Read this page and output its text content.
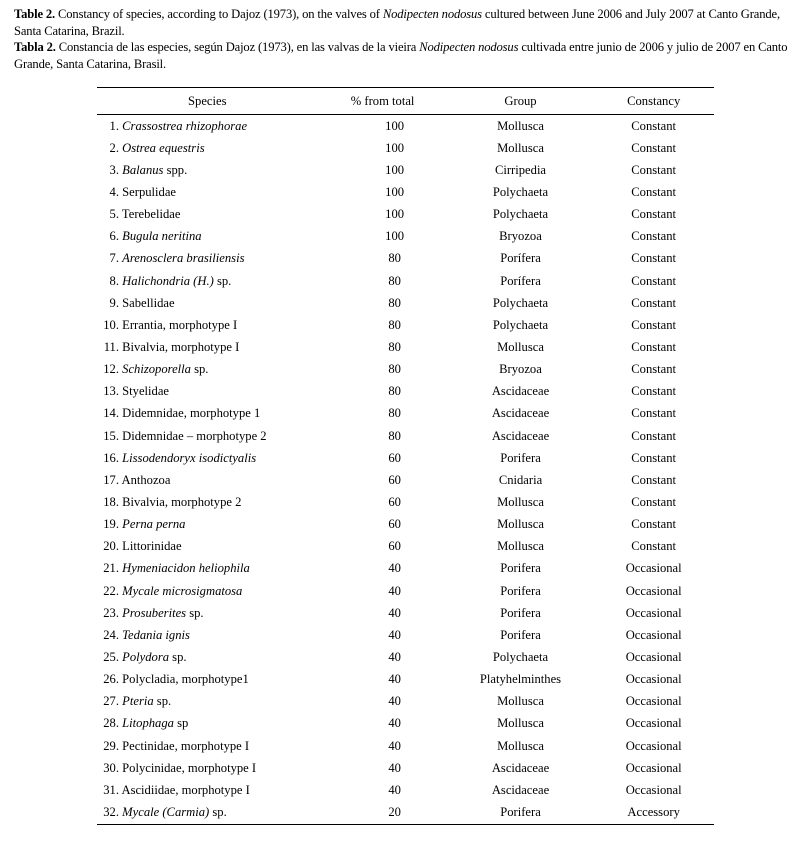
Table 2. Constancy of species, according to Dajoz (1973), on the valves of Nodipecten nodosus cultured between June 2006 and July 2007 at Canto Grande, Santa Catarina, Brazil.

Tabla 2. Constancia de las especies, según Dajoz (1973), en las valvas de la vieira Nodipecten nodosus cultivada entre junio de 2006 y julio de 2007 en Canto Grande, Santa Catarina, Brasil.

Species	% from total	Group	Constancy
1. Crassostrea rhizophorae	100	Mollusca	Constant
2. Ostrea equestris	100	Mollusca	Constant
3. Balanus spp.	100	Cirripedia	Constant
4. Serpulidae	100	Polychaeta	Constant
5. Terebelidae	100	Polychaeta	Constant
6. Bugula neritina	100	Bryozoa	Constant
7. Arenosclera brasiliensis	80	Porífera	Constant
8. Halichondria (H.) sp.	80	Porífera	Constant
9. Sabellidae	80	Polychaeta	Constant
10. Errantia, morphotype I	80	Polychaeta	Constant
11. Bivalvia, morphotype I	80	Mollusca	Constant
12. Schizoporella sp.	80	Bryozoa	Constant
13. Styelidae	80	Ascidaceae	Constant
14. Didemnidae, morphotype 1	80	Ascidaceae	Constant
15. Didemnidae – morphotype 2	80	Ascidaceae	Constant
16. Lissodendoryx isodictyalis	60	Porifera	Constant
17. Anthozoa	60	Cnidaria	Constant
18. Bivalvia, morphotype 2	60	Mollusca	Constant
19. Perna perna	60	Mollusca	Constant
20. Littorinidae	60	Mollusca	Constant
21. Hymeniacidon heliophila	40	Porifera	Occasional
22. Mycale microsigmatosa	40	Porifera	Occasional
23. Prosuberites sp.	40	Porifera	Occasional
24. Tedania ignis	40	Porifera	Occasional
25. Polydora sp.	40	Polychaeta	Occasional
26. Polycladia, morphotype1	40	Platyhelminthes	Occasional
27. Pteria sp.	40	Mollusca	Occasional
28. Litophaga sp	40	Mollusca	Occasional
29. Pectinidae, morphotype I	40	Mollusca	Occasional
30. Polycinidae, morphotype I	40	Ascidaceae	Occasional
31. Ascidiidae, morphotype I	40	Ascidaceae	Occasional
32. Mycale (Carmia) sp.	20	Porifera	Accessory
